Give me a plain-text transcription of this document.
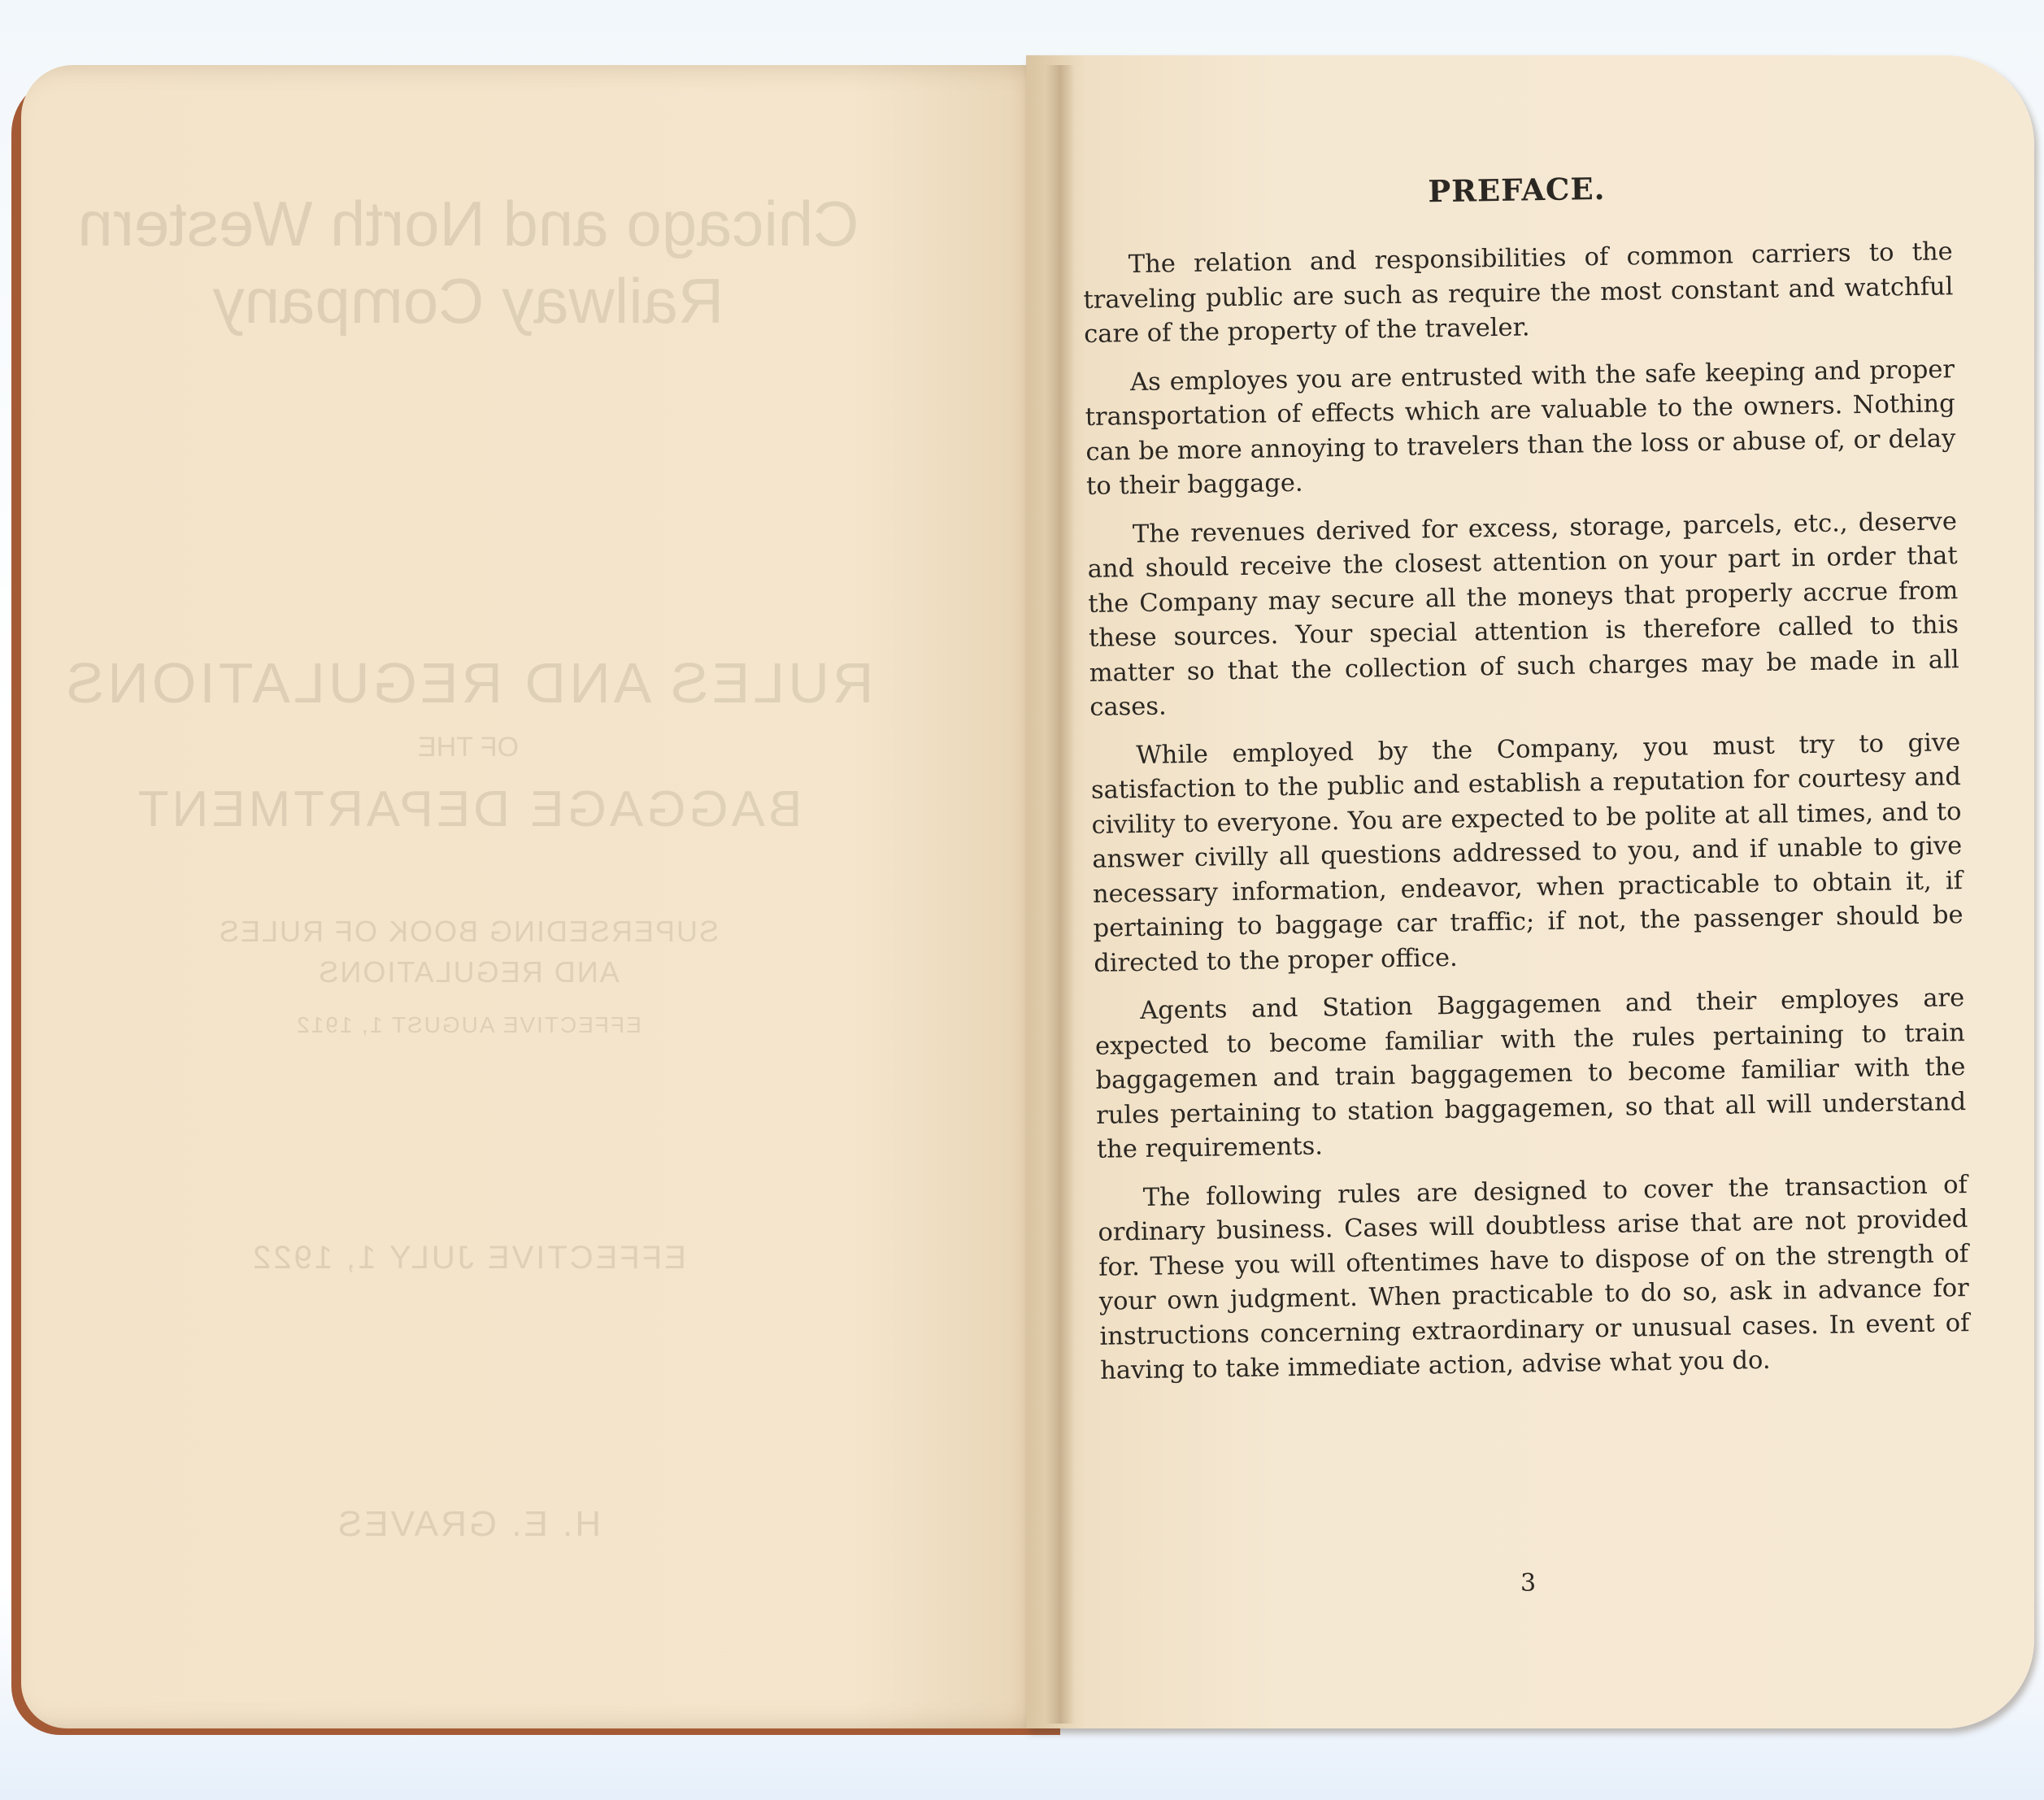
Chicago and North Western
Railway Company
RULES AND REGULATIONS
OF THE
BAGGAGE DEPARTMENT
SUPERSEDING BOOK OF RULES
AND REGULATIONS
EFFECTIVE AUGUST 1, 1912
EFFECTIVE JULY 1, 1922
H. E. GRAVES
PREFACE.

The relation and responsibilities of common carriers to the traveling public are such as require the most constant and watchful care of the property of the traveler.

As employes you are entrusted with the safe keeping and proper transportation of effects which are valuable to the owners. Nothing can be more annoying to travelers than the loss or abuse of, or delay to their baggage.

The revenues derived for excess, storage, parcels, etc., deserve and should receive the closest attention on your part in order that the Company may secure all the moneys that properly accrue from these sources. Your special attention is therefore called to this matter so that the collection of such charges may be made in all cases.

While employed by the Company, you must try to give satisfaction to the public and establish a reputation for courtesy and civility to everyone. You are expected to be polite at all times, and to answer civilly all questions addressed to you, and if unable to give necessary information, endeavor, when practicable to obtain it, if pertaining to baggage car traffic; if not, the passenger should be directed to the proper office.

Agents and Station Baggagemen and their employes are expected to become familiar with the rules pertaining to train baggagemen and train baggagemen to become familiar with the rules pertaining to station baggagemen, so that all will understand the requirements.

The following rules are designed to cover the transaction of ordinary business. Cases will doubtless arise that are not provided for. These you will oftentimes have to dispose of on the strength of your own judgment. When practicable to do so, ask in advance for instructions concerning extraordinary or unusual cases. In event of having to take immediate action, advise what you do.

3
